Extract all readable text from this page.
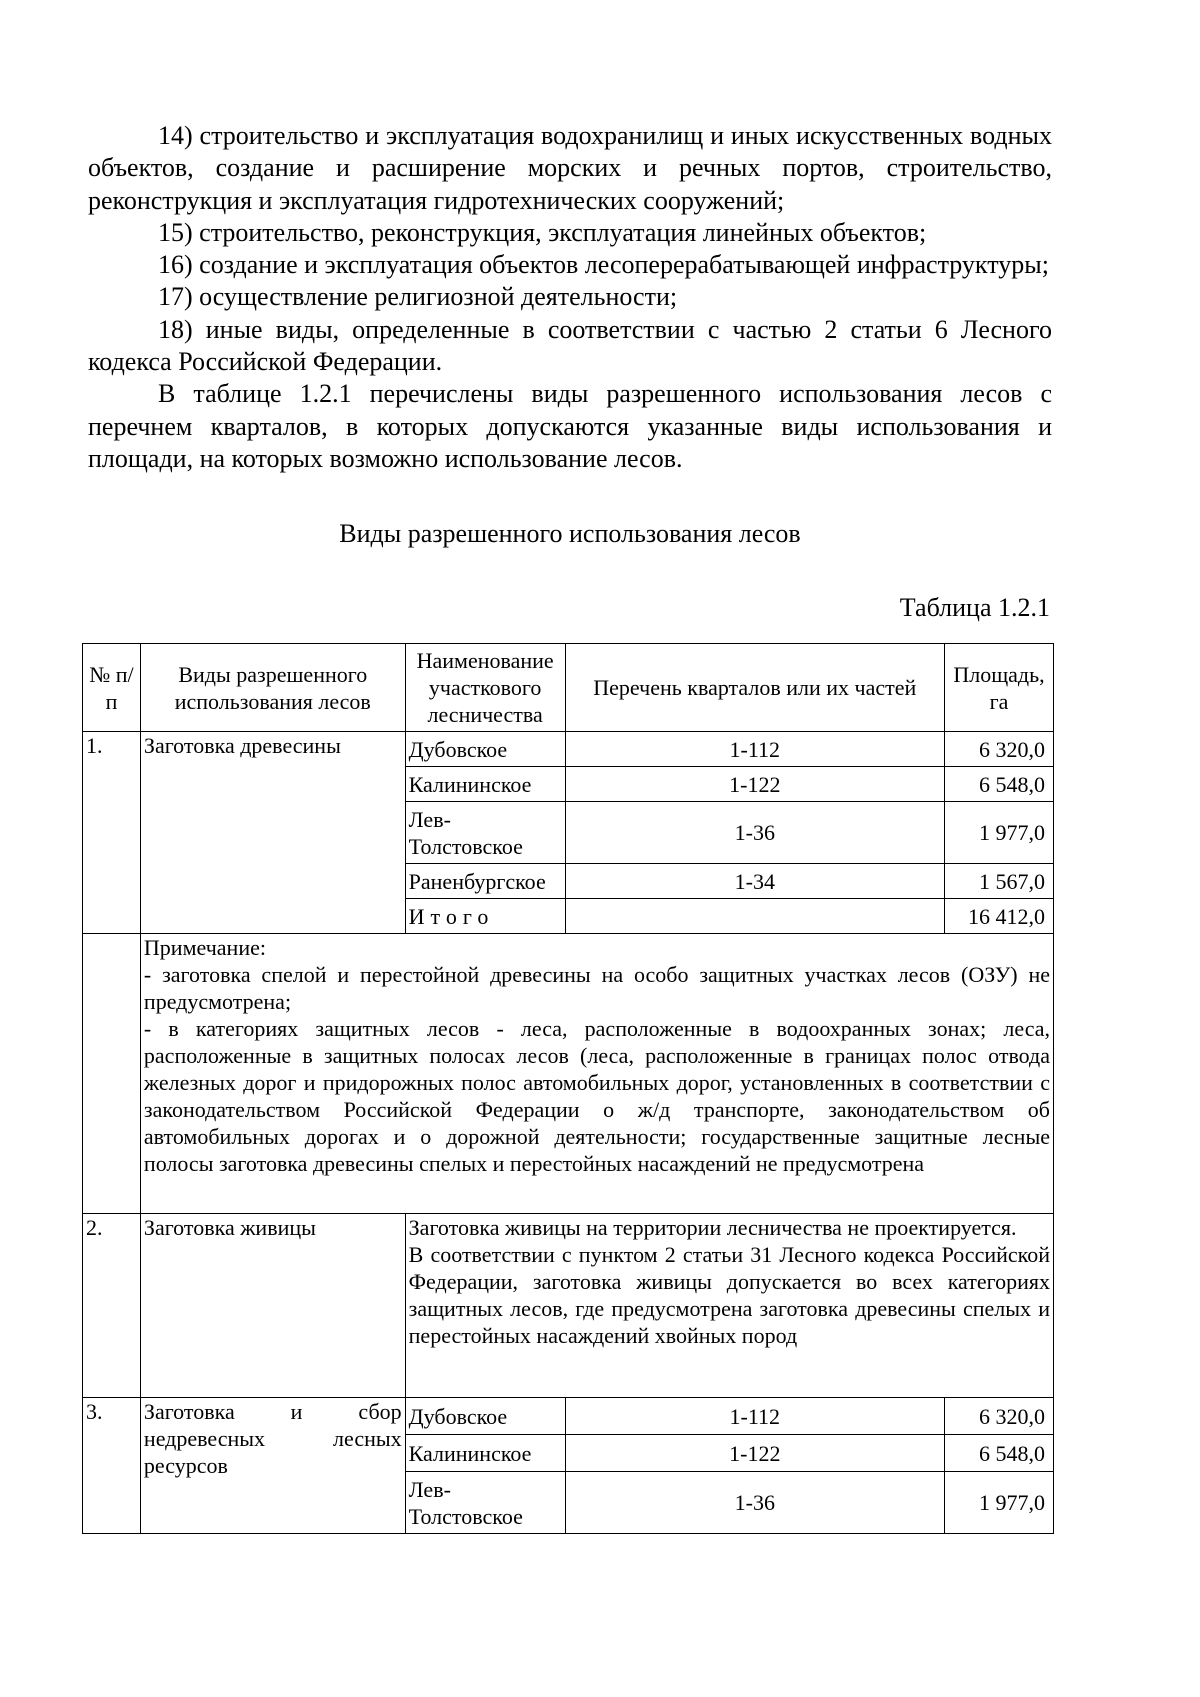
14) строительство и эксплуатация водохранилищ и иных искусственных водных объектов, создание и расширение морских и речных портов, строительство, реконструкция и эксплуатация гидротехнических сооружений;

15) строительство, реконструкция, эксплуатация линейных объектов;

16) создание и эксплуатация объектов лесоперерабатывающей инфраструктуры;

17) осуществление религиозной деятельности;

18) иные виды, определенные в соответствии с частью 2 статьи 6 Лесного кодекса Российской Федерации.

В таблице 1.2.1 перечислены виды разрешенного использования лесов с перечнем кварталов, в которых допускаются указанные виды использования и площади, на которых возможно использование лесов.

Виды разрешенного использования лесов
Таблица 1.2.1
№ п/п	Виды разрешенного использования лесов	Наименование участкового лесничества	Перечень кварталов или их частей	Площадь, га
1.	Заготовка древесины	Дубовское	1-112	6 320,0
		Калининское	1-122	6 548,0
		Лев-Толстовское	1-36	1 977,0
		Раненбургское	1-34	1 567,0
		Итого		16 412,0

	Примечание:
- заготовка спелой и перестойной древесины на особо защитных участках лесов (ОЗУ) не предусмотрена;
- в категориях защитных лесов - леса, расположенные в водоохранных зонах; леса, расположенные в защитных полосах лесов (леса, расположенные в границах полос отвода железных дорог и придорожных полос автомобильных дорог, установленных в соответствии с законодательством Российской Федерации о ж/д транспорте, законодательством об автомобильных дорогах и о дорожной деятельности; государственные защитные лесные полосы заготовка древесины спелых и перестойных насаждений не предусмотрена			

2.	Заготовка живицы	Заготовка живицы на территории лесничества не проектируется.
В соответствии с пунктом 2 статьи 31 Лесного кодекса Российской Федерации, заготовка живицы допускается во всех категориях защитных лесов, где предусмотрена заготовка древесины спелых и перестойных насаждений хвойных пород		

3.	Заготовка и сбор недревесных лесных ресурсов	Дубовское	1-112	6 320,0
		Калининское	1-122	6 548,0
		Лев-Толстовское	1-36	1 977,0
